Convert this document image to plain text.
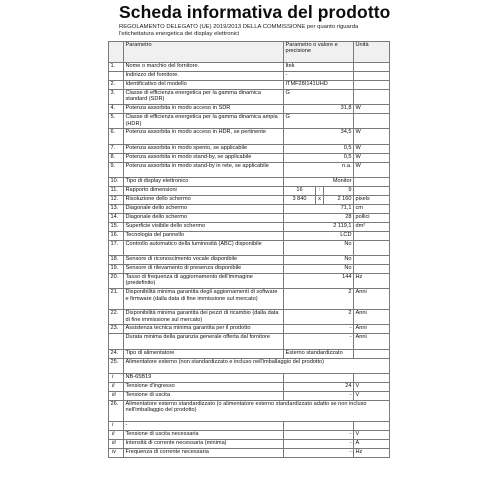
Scheda informativa del prodotto
REGOLAMENTO DELEGATO (UE) 2019/2013 DELLA COMMISSIONE per quanto riguarda l'etichettatura energetica dei display elettronici
	Parametro	Parametro o valore e precisione			Unità
1.	Nome o marchio del fornitore.	Itek			
	Indirizzo del fornitore.	-			
2.	Identificativo del modello	ITMF28I141UHD			
3.	Classe di efficienza energetica per la gamma dinamica standard (SDR)	G			
4.	Potenza assorbita in modo acceso in SDR	31,8			W
5.	Classe di efficienza energetica per la gamma dinamica ampia (HDR)	G			
6.	Potenza assorbita in modo acceso in HDR, se pertinente	34,5			W
7.	Potenza assorbita in modo spento, se applicabile	0,5			W
8.	Potenza assorbita in modo stand-by, se applicabile	0,5			W
9.	Potenza assorbita in modo stand-by in rete, se applicabile	n.a.			W
10.	Tipo di display elettronico	Monitor			
11.	Rapporto dimensioni	16	:	9	
12.	Risoluzione dello schermo	3 840	x	2 160	pixels
13.	Diagonale dello schermo	71,1			cm
14.	Diagonale dello schermo	28			pollici
15.	Superficie visibile dello schermo	2 119,1			dm²
16.	Tecnologia del pannello	LCD			
17.	Controllo automatico della luminosità (ABC) disponibile	No			
18.	Sensore di riconoscimento vocale disponibile	No			
19.	Sensore di rilevamento di presenza disponibile	No			
20.	Tasso di frequenza di aggiornamento dell'immagine (predefinito)	144			Hz
21.	Disponibilità minima garantita degli aggiornamenti di software e firmware (dalla data di fine immissione sul mercato)	2			Anni
22.	Disponibilità minima garantita dei pezzi di ricambio (dalla data di fine immissione sul mercato)	2			Anni
23.	Assistenza tecnica minima garantita per il prodotto	-			Anni
	Durata minima della garanzia generale offerta dal fornitore	-			Anni
24.	Tipo di alimentatore	Esterno standardizzato			
25.	Alimentatore esterno (non standardizzato e incluso nell'imballaggio del prodotto)				
i	NB-65B19				
ii	Tensione d'ingresso	24			V
iii	Tensione di uscita	-			V
26.	Alimentatore esterno standardizzato (o alimentatore esterno standardizzato adatto se non incluso nell'imballaggio del prodotto)				
i	-				
ii	Tensione di uscita necessaria	-			V
iii	Intensità di corrente necessaria (minima)	-			A
iv	Frequenza di corrente necessaria	-			Hz
